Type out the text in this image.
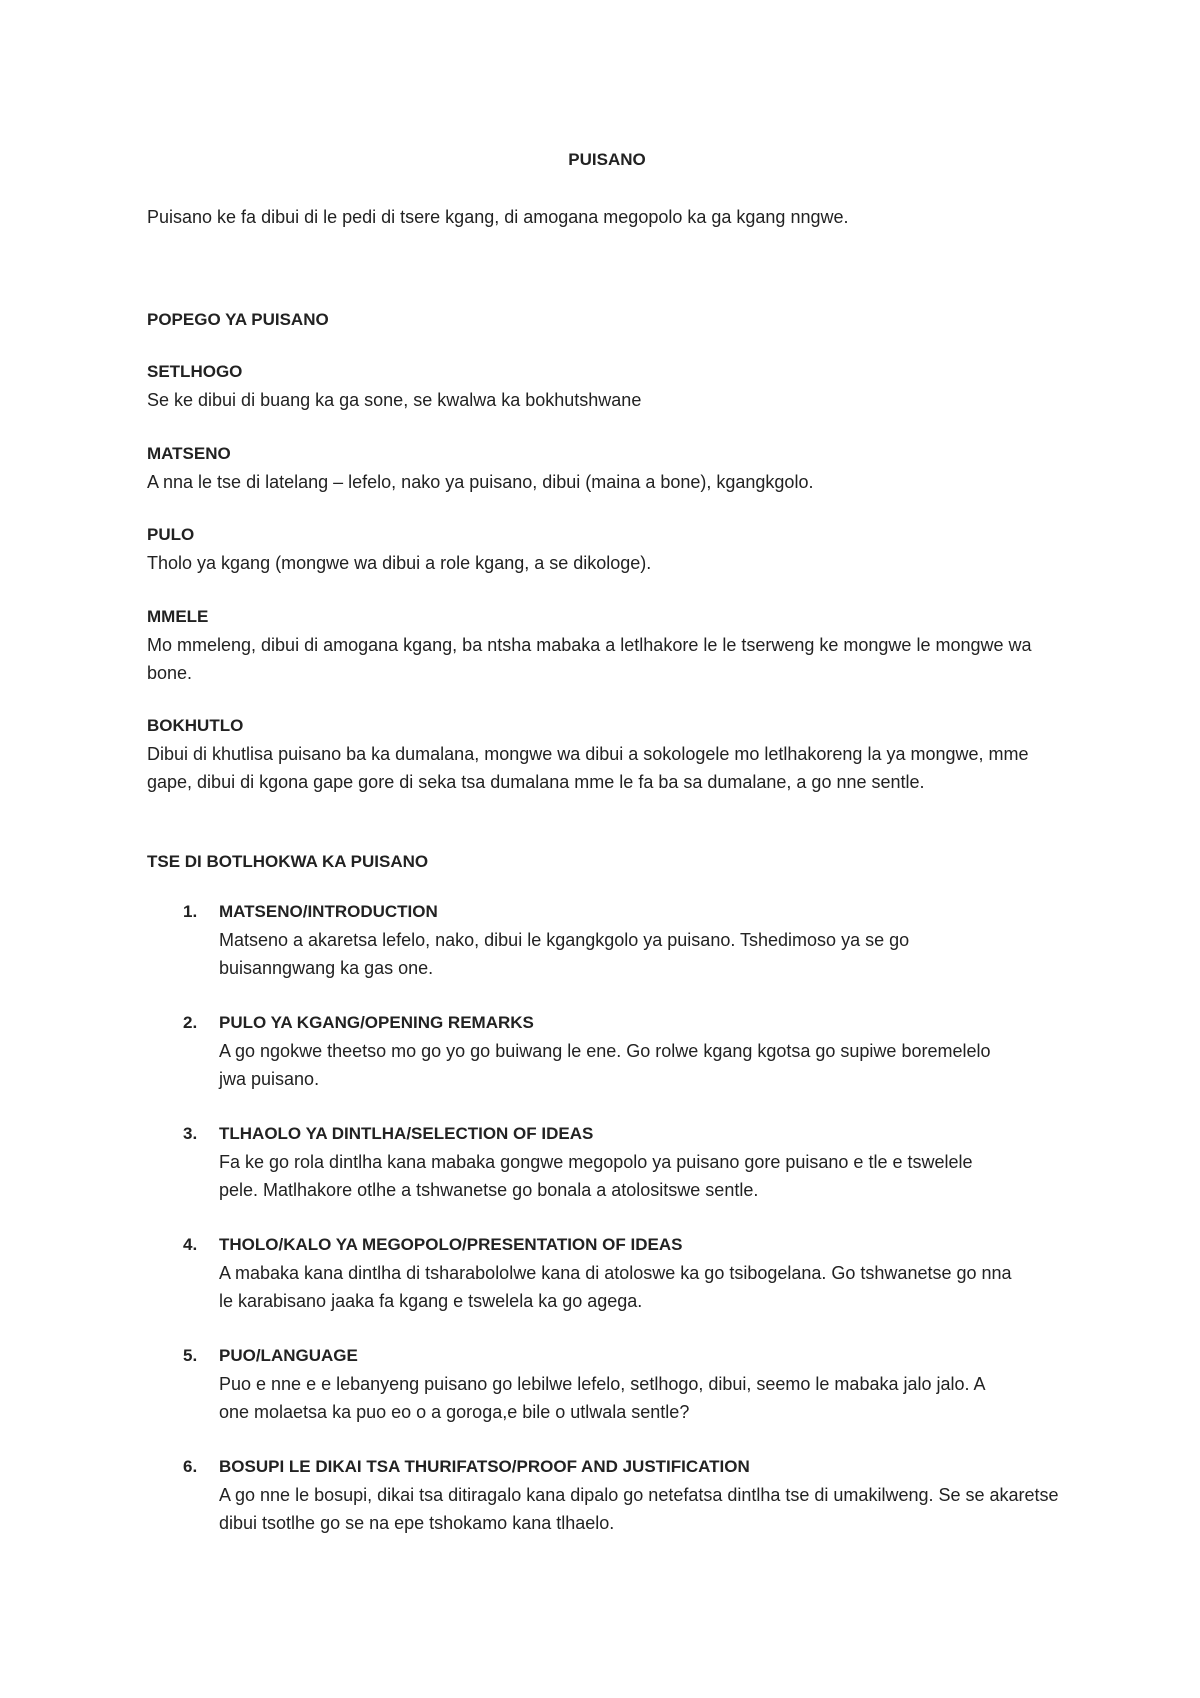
PUISANO

Puisano ke fa dibui di le pedi di tsere kgang, di amogana megopolo ka ga kgang nngwe.

POPEGO YA PUISANO

SETLHOGO

Se ke dibui di buang ka ga sone, se kwalwa ka bokhutshwane

MATSENO

A nna le tse di latelang – lefelo, nako ya puisano, dibui (maina a bone), kgangkgolo.

PULO

Tholo ya kgang (mongwe wa dibui a role kgang, a se dikologe).

MMELE

Mo mmeleng, dibui di amogana kgang, ba ntsha mabaka a letlhakore le le tserweng ke mongwe le mongwe wa bone.

BOKHUTLO

Dibui di khutlisa puisano ba ka dumalana, mongwe wa dibui a sokologele mo letlhakoreng la ya mongwe, mme gape, dibui di kgona gape gore di seka tsa dumalana mme le fa ba sa dumalane, a go nne sentle.

TSE DI BOTLHOKWA KA PUISANO

1. MATSENO/INTRODUCTION

Matseno a akaretsa lefelo, nako, dibui le kgangkgolo ya puisano. Tshedimoso ya se go buisanngwang ka gas one.

2. PULO YA KGANG/OPENING REMARKS

A go ngokwe theetso mo go yo go buiwang le ene. Go rolwe kgang kgotsa go supiwe boremelelo jwa puisano.

3. TLHAOLO YA DINTLHA/SELECTION OF IDEAS

Fa ke go rola dintlha kana mabaka gongwe megopolo ya puisano gore puisano e tle e tswelele pele. Matlhakore otlhe a tshwanetse go bonala a atolositswe sentle.

4. THOLO/KALO YA MEGOPOLO/PRESENTATION OF IDEAS

A mabaka kana dintlha di tsharabololwe kana di atoloswe ka go tsibogelana. Go tshwanetse go nna le karabisano jaaka fa kgang e tswelela ka go agega.

5. PUO/LANGUAGE

Puo e nne e e lebanyeng puisano go lebilwe lefelo, setlhogo, dibui, seemo le mabaka jalo jalo. A one molaetsa ka puo eo o a goroga,e bile o utlwala sentle?

6. BOSUPI LE DIKAI TSA THURIFATSO/PROOF AND JUSTIFICATION

A go nne le bosupi, dikai tsa ditiragalo kana dipalo go netefatsa dintlha tse di umakilweng. Se se akaretse dibui tsotlhe go se na epe tshokamo kana tlhaelo.
